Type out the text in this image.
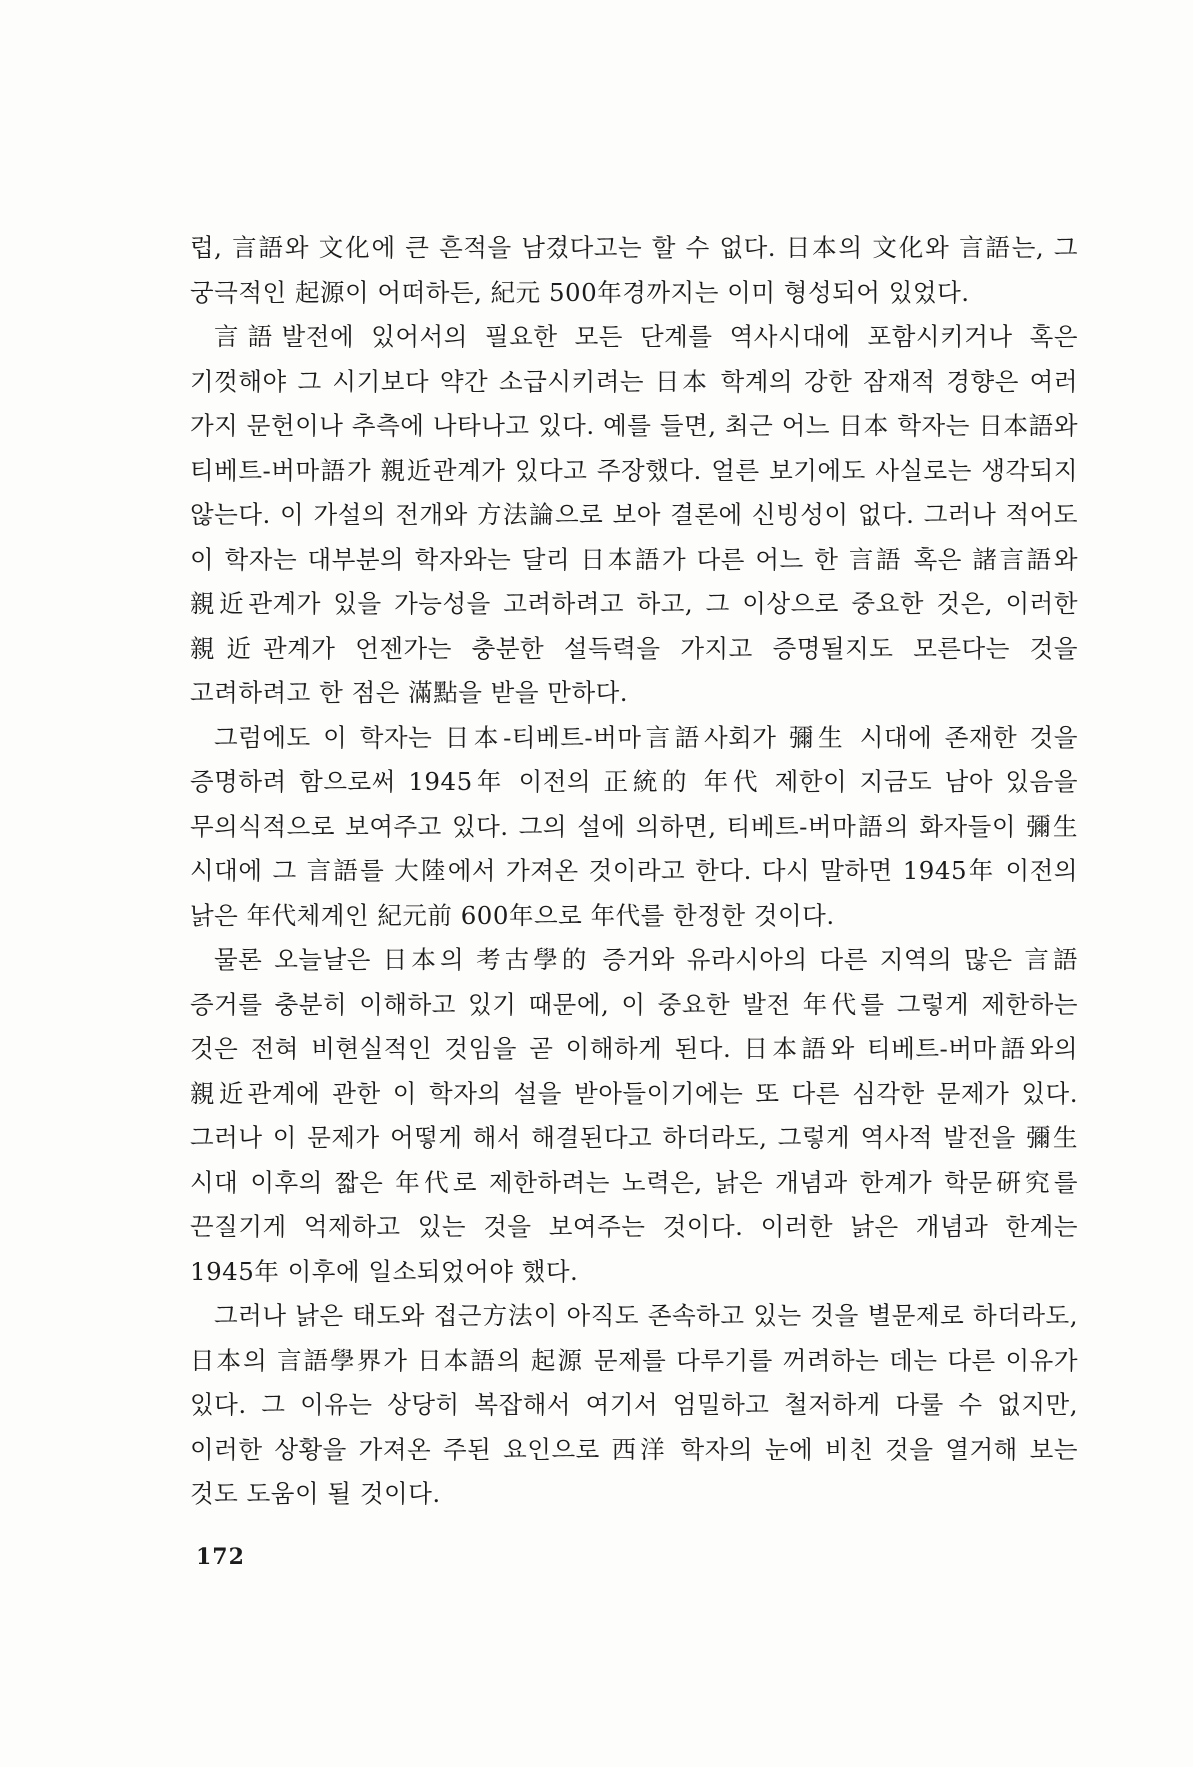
럽, 言語와 文化에 큰 흔적을 남겼다고는 할 수 없다. 日本의 文化와 言語는, 그 궁극적인 起源이 어떠하든, 紀元 500年경까지는 이미 형성되어 있었다.

言語발전에 있어서의 필요한 모든 단계를 역사시대에 포함시키거나 혹은 기껏해야 그 시기보다 약간 소급시키려는 日本 학계의 강한 잠재적 경향은 여러 가지 문헌이나 추측에 나타나고 있다. 예를 들면, 최근 어느 日本 학자는 日本語와 티베트-버마語가 親近관계가 있다고 주장했다. 얼른 보기에도 사실로는 생각되지 않는다. 이 가설의 전개와 方法論으로 보아 결론에 신빙성이 없다. 그러나 적어도 이 학자는 대부분의 학자와는 달리 日本語가 다른 어느 한 言語 혹은 諸言語와 親近관계가 있을 가능성을 고려하려고 하고, 그 이상으로 중요한 것은, 이러한 親近관계가 언젠가는 충분한 설득력을 가지고 증명될지도 모른다는 것을 고려하려고 한 점은 滿點을 받을 만하다.

그럼에도 이 학자는 日本-티베트-버마言語사회가 彌生 시대에 존재한 것을 증명하려 함으로써 1945年 이전의 正統的 年代 제한이 지금도 남아 있음을 무의식적으로 보여주고 있다. 그의 설에 의하면, 티베트-버마語의 화자들이 彌生 시대에 그 言語를 大陸에서 가져온 것이라고 한다. 다시 말하면 1945年 이전의 낡은 年代체계인 紀元前 600年으로 年代를 한정한 것이다.

물론 오늘날은 日本의 考古學的 증거와 유라시아의 다른 지역의 많은 言語 증거를 충분히 이해하고 있기 때문에, 이 중요한 발전 年代를 그렇게 제한하는 것은 전혀 비현실적인 것임을 곧 이해하게 된다. 日本語와 티베트-버마語와의 親近관계에 관한 이 학자의 설을 받아들이기에는 또 다른 심각한 문제가 있다. 그러나 이 문제가 어떻게 해서 해결된다고 하더라도, 그렇게 역사적 발전을 彌生 시대 이후의 짧은 年代로 제한하려는 노력은, 낡은 개념과 한계가 학문硏究를 끈질기게 억제하고 있는 것을 보여주는 것이다. 이러한 낡은 개념과 한계는 1945年 이후에 일소되었어야 했다.

그러나 낡은 태도와 접근方法이 아직도 존속하고 있는 것을 별문제로 하더라도, 日本의 言語學界가 日本語의 起源 문제를 다루기를 꺼려하는 데는 다른 이유가 있다. 그 이유는 상당히 복잡해서 여기서 엄밀하고 철저하게 다룰 수 없지만, 이러한 상황을 가져온 주된 요인으로 西洋 학자의 눈에 비친 것을 열거해 보는 것도 도움이 될 것이다.

172
